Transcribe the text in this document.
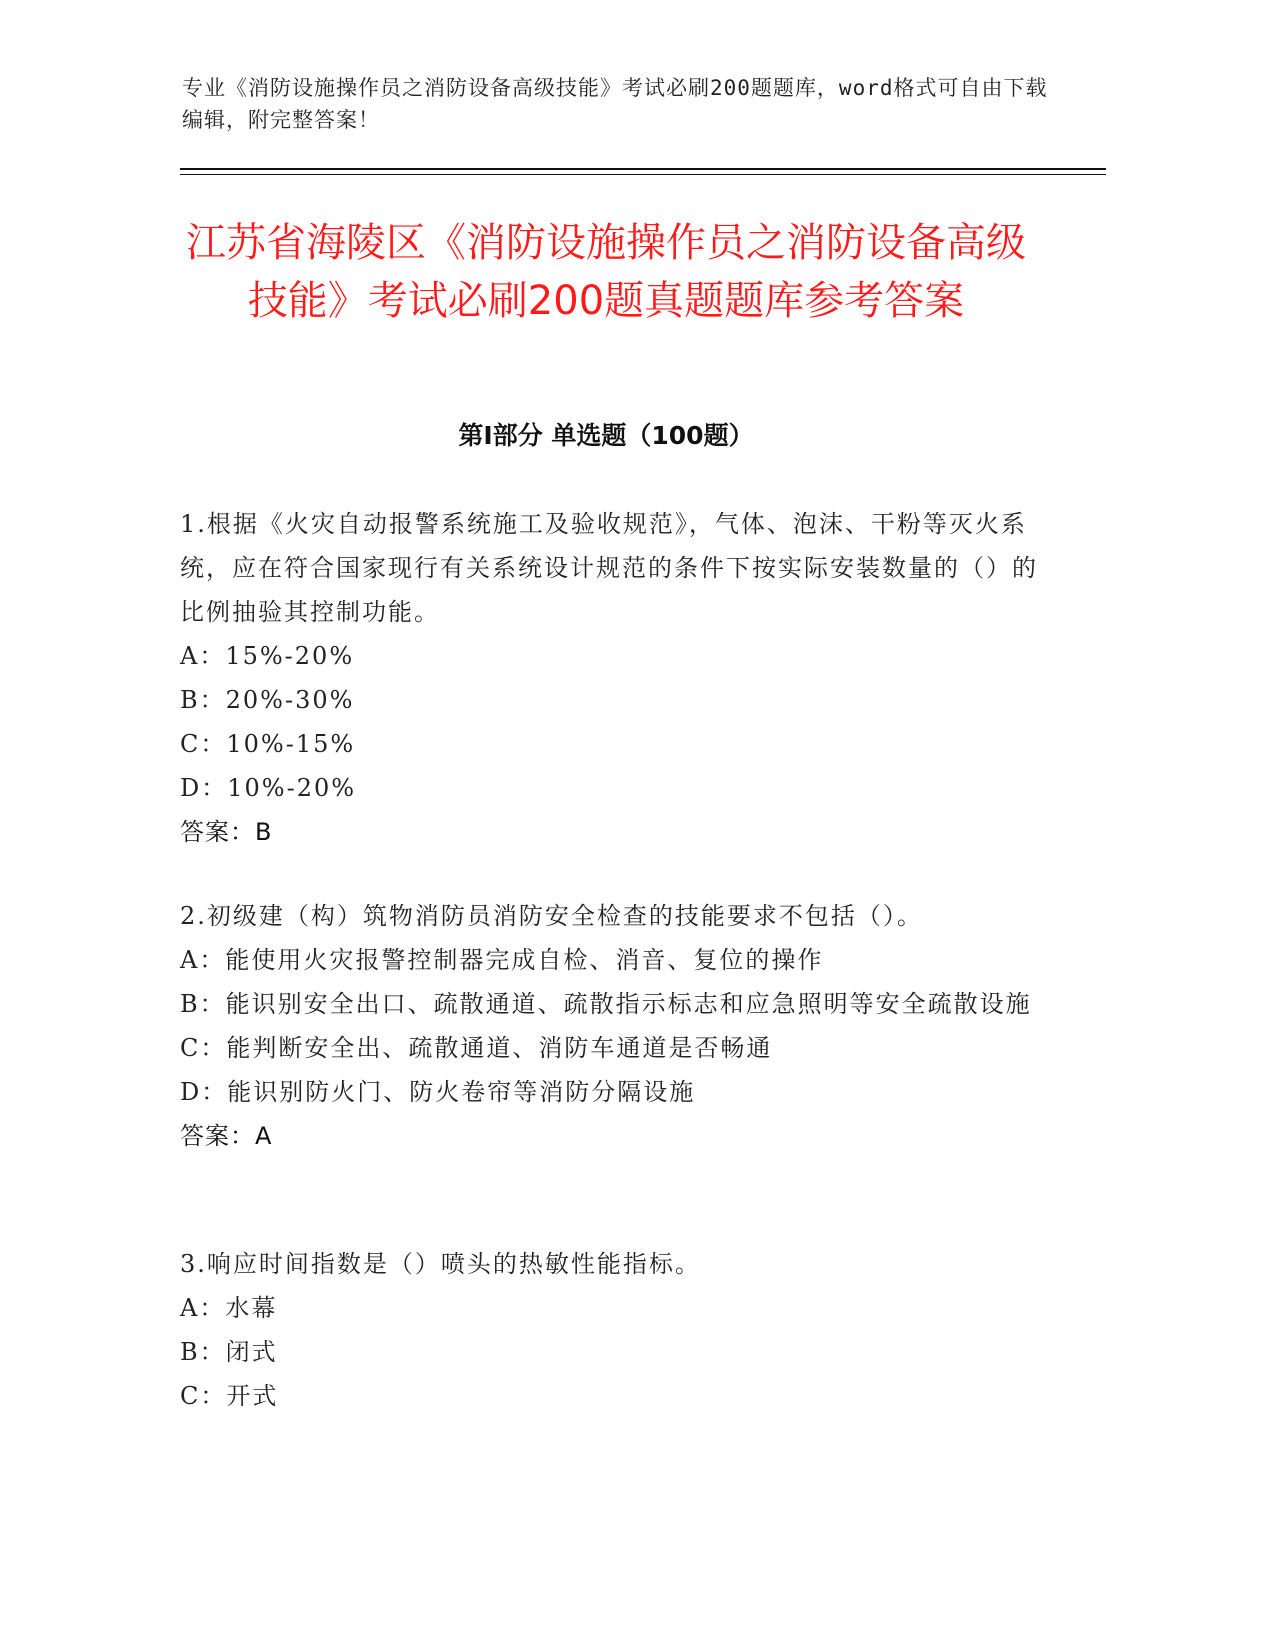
专业《消防设施操作员之消防设备高级技能》考试必刷200题题库，word格式可自由下载编辑，附完整答案！
江苏省海陵区《消防设施操作员之消防设备高级技能》考试必刷200题真题题库参考答案
第I部分 单选题（100题）
1.根据《火灾自动报警系统施工及验收规范》，气体、泡沫、干粉等灭火系统，应在符合国家现行有关系统设计规范的条件下按实际安装数量的（）的比例抽验其控制功能。
A：15%-20%
B：20%-30%
C：10%-15%
D：10%-20%
答案：B
2.初级建（构）筑物消防员消防安全检查的技能要求不包括（）。
A：能使用火灾报警控制器完成自检、消音、复位的操作
B：能识别安全出口、疏散通道、疏散指示标志和应急照明等安全疏散设施
C：能判断安全出、疏散通道、消防车通道是否畅通
D：能识别防火门、防火卷帘等消防分隔设施
答案：A
3.响应时间指数是（）喷头的热敏性能指标。
A：水幕
B：闭式
C：开式
